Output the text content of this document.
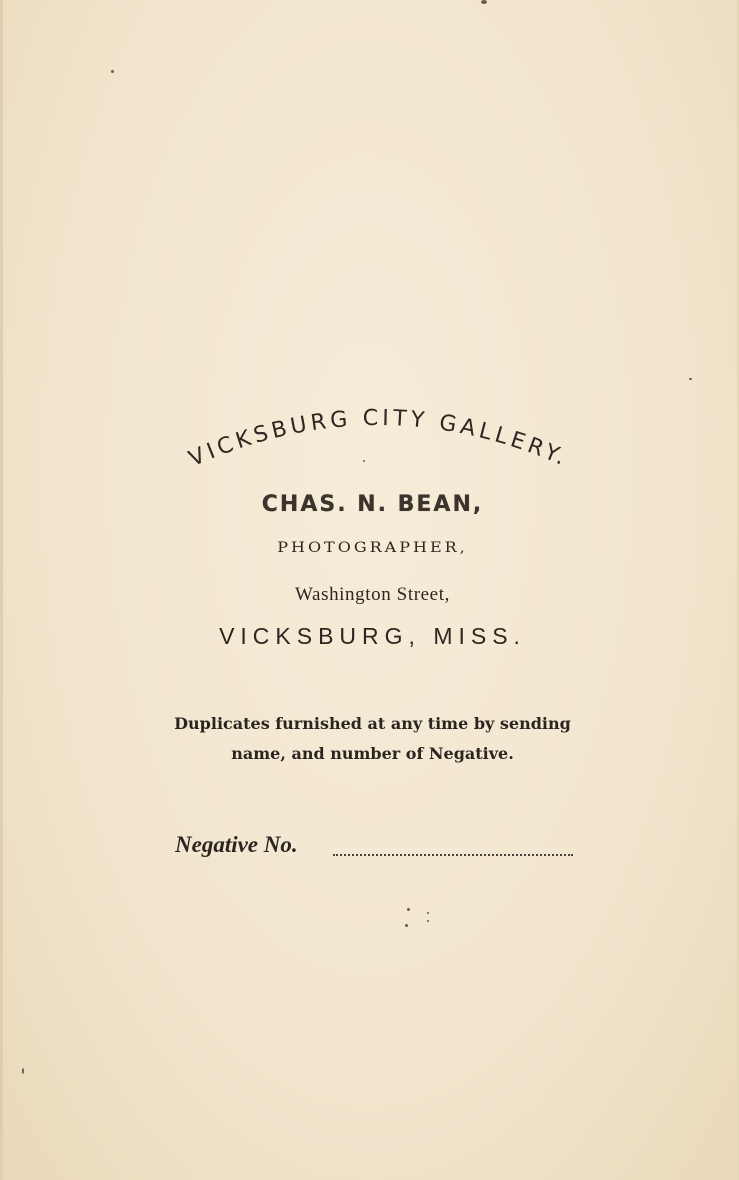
VICKSBURG CITY GALLERY.
CHAS. N. BEAN,
PHOTOGRAPHER,
Washington Street,
VICKSBURG, MISS.
Duplicates furnished at any time by sending
name, and number of Negative.
Negative No.
